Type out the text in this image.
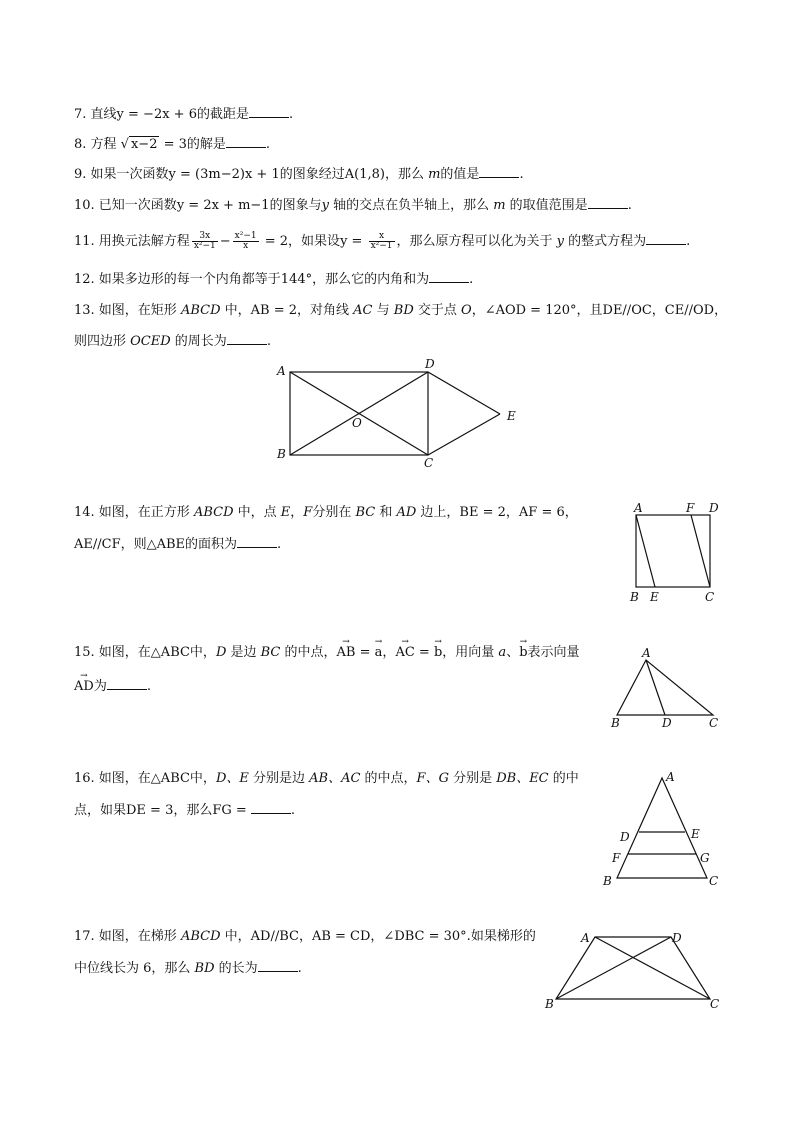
7. 直线y = −2x + 6的截距是	.
8. 方程 √ x−2 = 3的解是	.
9. 如果一次函数y = (3m−2)x + 1的图象经过A(1,8)，那么 m的值是	.
10. 已知一次函数y = 2x + m−1的图象与y 轴的交点在负半轴上，那么 m 的取值范围是	.
11. 用换元法解方程 $\frac{3x}{\text{x²−1}} - \frac{\text{x²−1}}{x} = 2$，如果设$y = \frac{x}{\text{x²−1}}$ ，那么原方程可以化为关于 y 的整式方程为	.
12. 如果多边形的每一个内角都等于144°，那么它的内角和为	.
13. 如图，在矩形 ABCD 中，AB = 2，对角线 AC 与 BD 交于点 O，∠AOD = 120°，且DE//OC，CE//OD，
则四边形 OCED 的周长为	.
A
B
C
D
E
O
14. 如图，在正方形 ABCD 中，点 E，F分别在 BC 和 AD 边上，BE = 2，AF = 6，
AE//CF，则△ABE的面积为	.
A	F D
B E	C
15. 如图，在△ABC中，D 是边 BC 的中点，→ AB = → a，→ AC = → b，用向量 a、→ b表示向量
→ AD为	.
A
B	D	C
16. 如图，在△ABC中，D、E 分别是边 AB、AC 的中点，F、G 分别是 DB、EC 的中
点，如果DE = 3，那么FG =	.
A
D	E
F	G
B	C
17. 如图，在梯形 ABCD 中，AD//BC，AB = CD，∠DBC = 30°.如果梯形的
中位线长为 6，那么 BD 的长为	.
A	D
B	C
